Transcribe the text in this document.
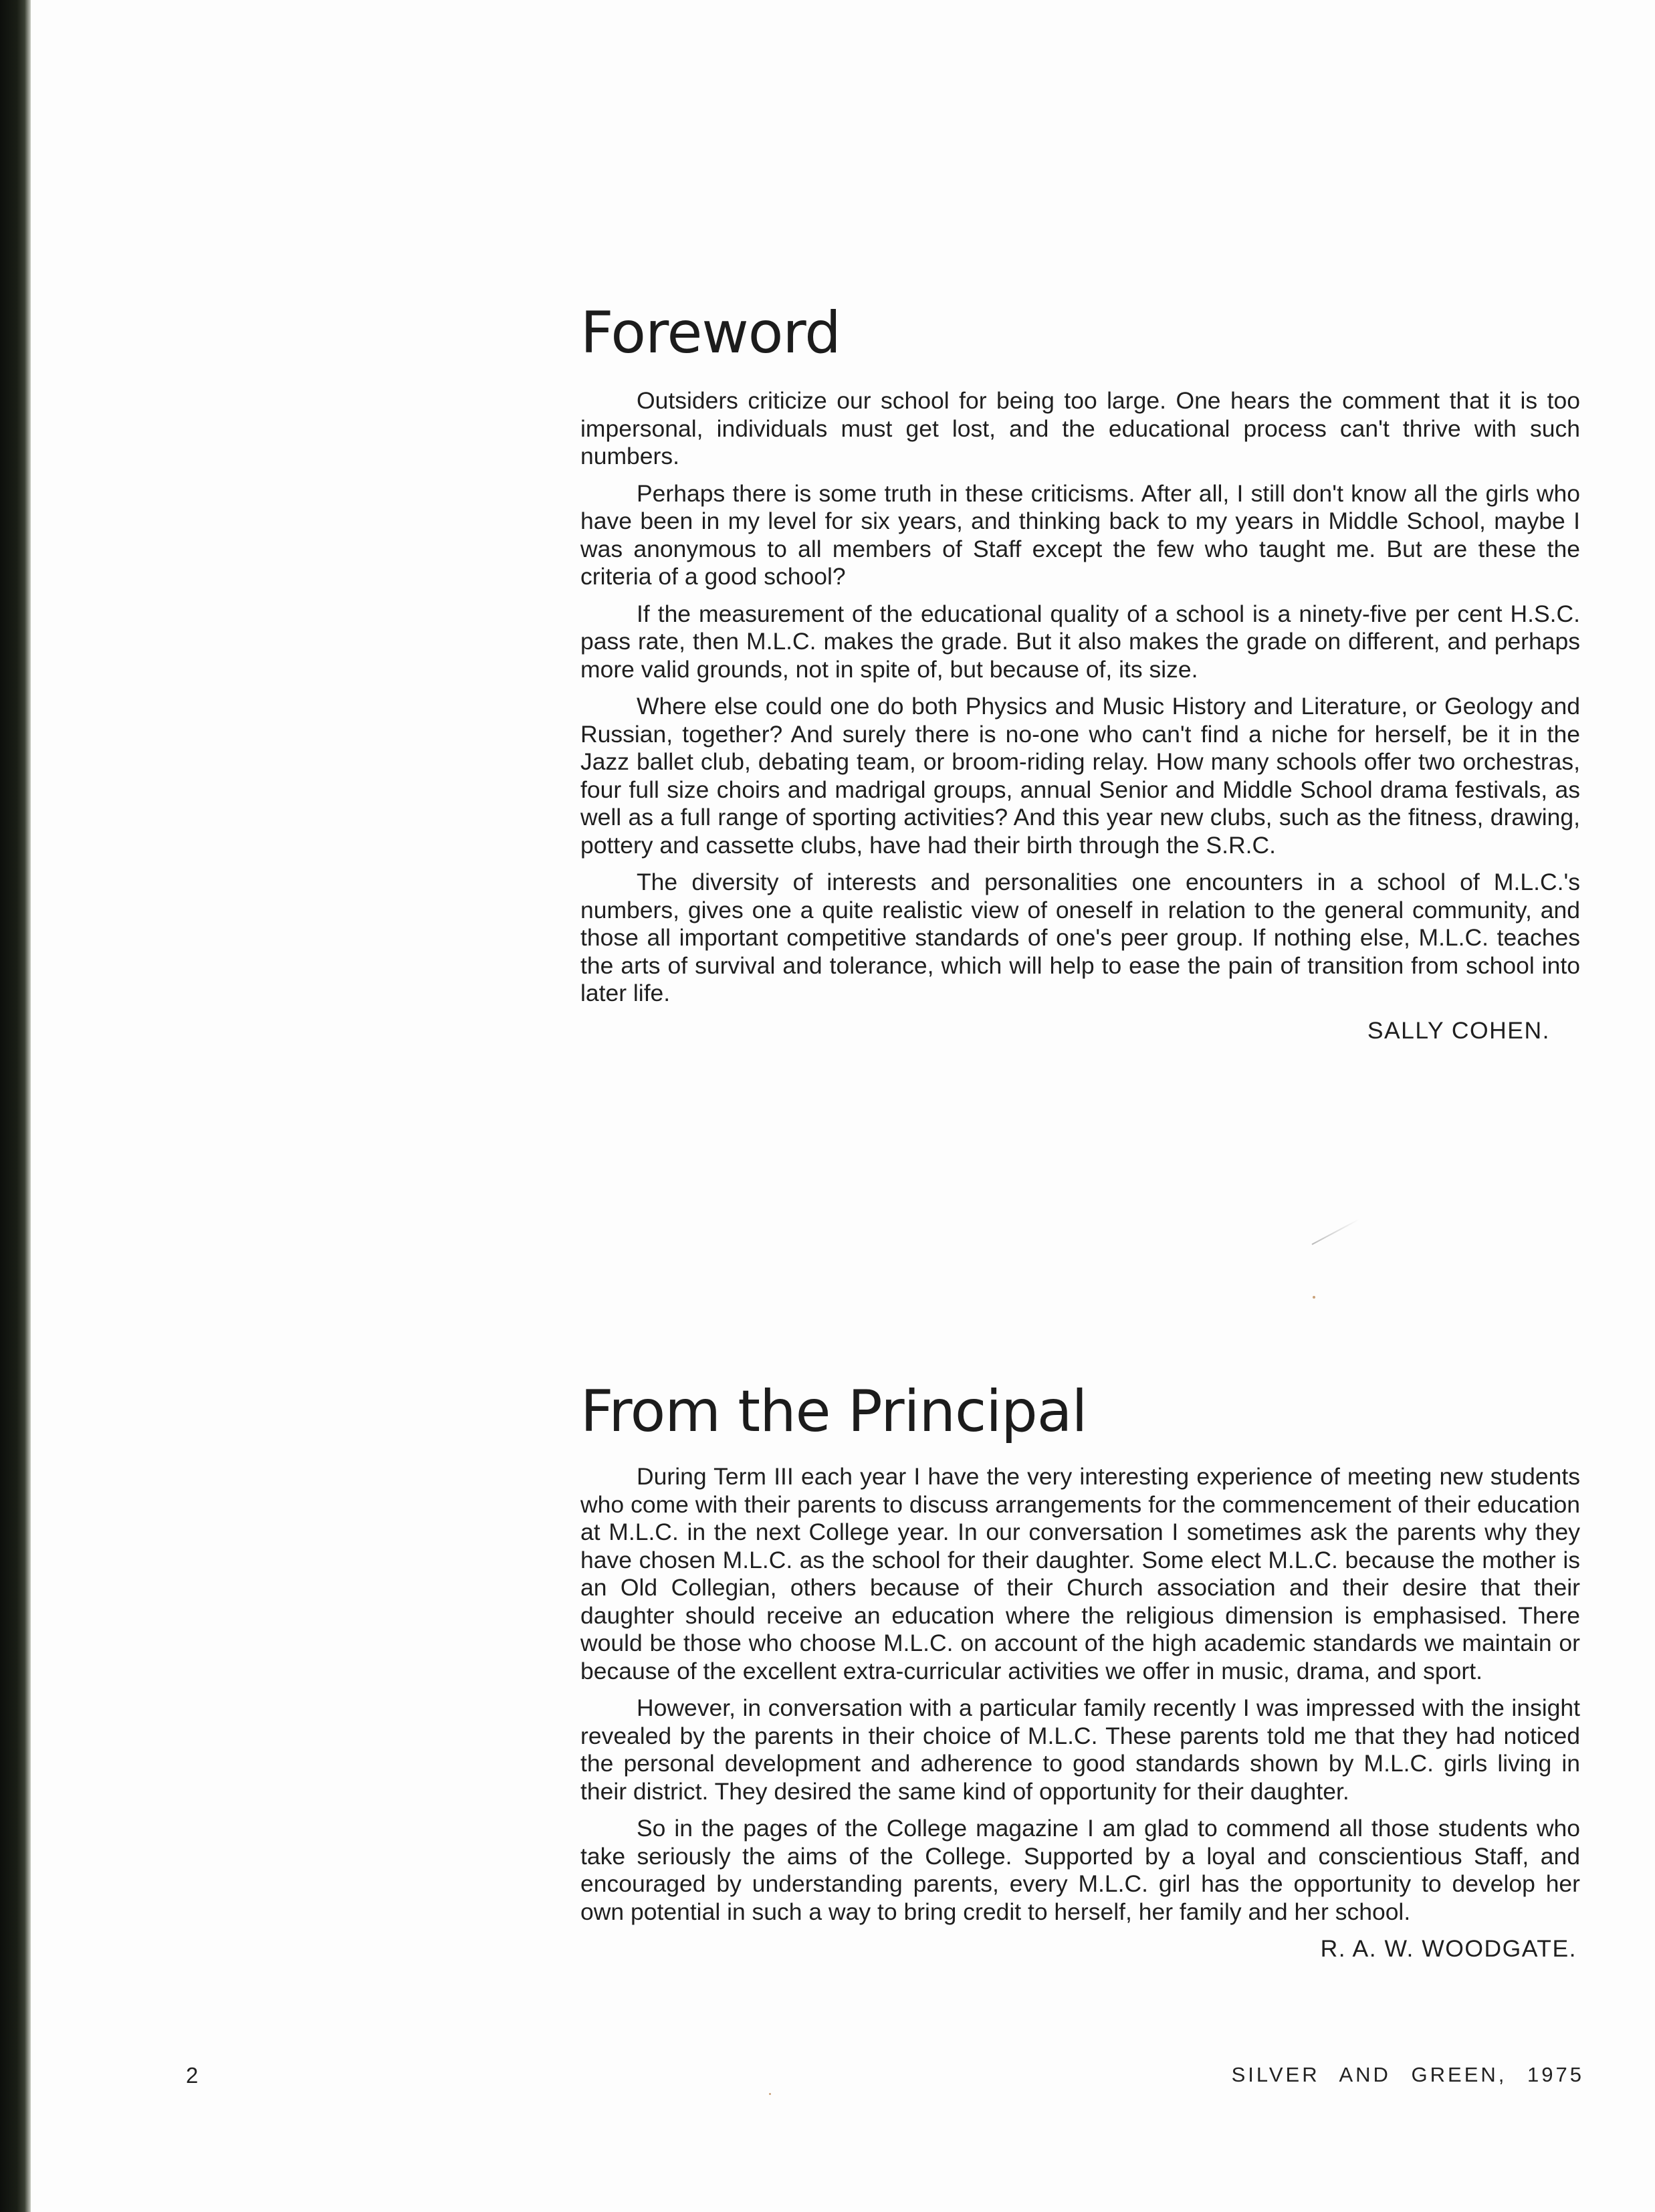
Foreword

Outsiders criticize our school for being too large. One hears the comment that it is too impersonal, individuals must get lost, and the educational process can't thrive with such numbers.

Perhaps there is some truth in these criticisms. After all, I still don't know all the girls who have been in my level for six years, and thinking back to my years in Middle School, maybe I was anonymous to all members of Staff except the few who taught me. But are these the criteria of a good school?

If the measurement of the educational quality of a school is a ninety-five per cent H.S.C. pass rate, then M.L.C. makes the grade. But it also makes the grade on different, and perhaps more valid grounds, not in spite of, but because of, its size.

Where else could one do both Physics and Music History and Literature, or Geology and Russian, together? And surely there is no-one who can't find a niche for herself, be it in the Jazz ballet club, debating team, or broom-riding relay. How many schools offer two orchestras, four full size choirs and madrigal groups, annual Senior and Middle School drama festivals, as well as a full range of sporting activities? And this year new clubs, such as the fitness, drawing, pottery and cassette clubs, have had their birth through the S.R.C.

The diversity of interests and personalities one encounters in a school of M.L.C.'s numbers, gives one a quite realistic view of oneself in relation to the general community, and those all important competitive standards of one's peer group. If nothing else, M.L.C. teaches the arts of survival and tolerance, which will help to ease the pain of transition from school into later life.

SALLY COHEN.
From the Principal

During Term III each year I have the very interesting experience of meeting new students who come with their parents to discuss arrangements for the commencement of their education at M.L.C. in the next College year. In our conversation I sometimes ask the parents why they have chosen M.L.C. as the school for their daughter. Some elect M.L.C. because the mother is an Old Collegian, others because of their Church association and their desire that their daughter should receive an education where the religious dimension is emphasised. There would be those who choose M.L.C. on account of the high academic standards we maintain or because of the excellent extra-curricular activities we offer in music, drama, and sport.

However, in conversation with a particular family recently I was impressed with the insight revealed by the parents in their choice of M.L.C. These parents told me that they had noticed the personal development and adherence to good standards shown by M.L.C. girls living in their district. They desired the same kind of opportunity for their daughter.

So in the pages of the College magazine I am glad to commend all those students who take seriously the aims of the College. Supported by a loyal and conscientious Staff, and encouraged by understanding parents, every M.L.C. girl has the opportunity to develop her own potential in such a way to bring credit to herself, her family and her school.

R. A. W. WOODGATE.
2	SILVER AND GREEN, 1975
